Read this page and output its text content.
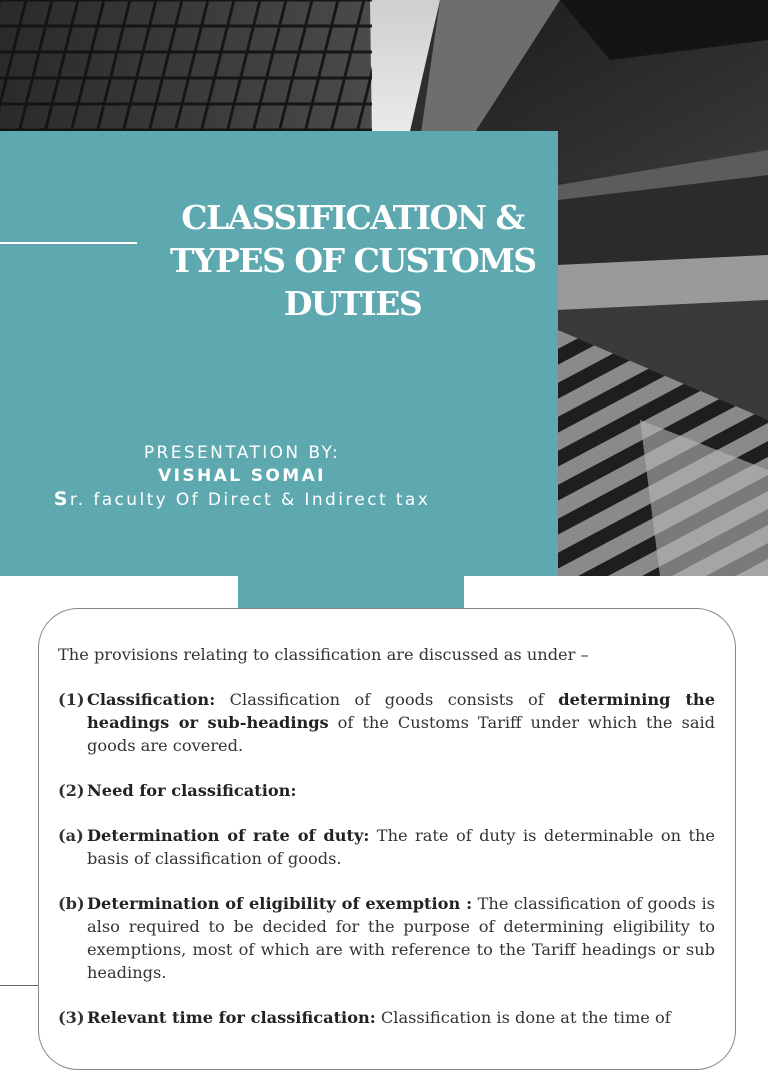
CLASSIFICATION &
TYPES OF CUSTOMS
DUTIES
PRESENTATION BY:
VISHAL SOMAI
Sr. faculty Of Direct & Indirect tax

The provisions relating to classification are discussed as under –

(1) Classification: Classification of goods consists of determining the headings or sub-headings of the Customs Tariff under which the said goods are covered.
(2) Need for classification:
(a) Determination of rate of duty: The rate of duty is determinable on the basis of classification of goods.
(b) Determination of eligibility of exemption : The classification of goods is also required to be decided for the purpose of determining eligibility to exemptions, most of which are with reference to the Tariff headings or sub headings.
(3) Relevant time for classification: Classification is done at the time of
